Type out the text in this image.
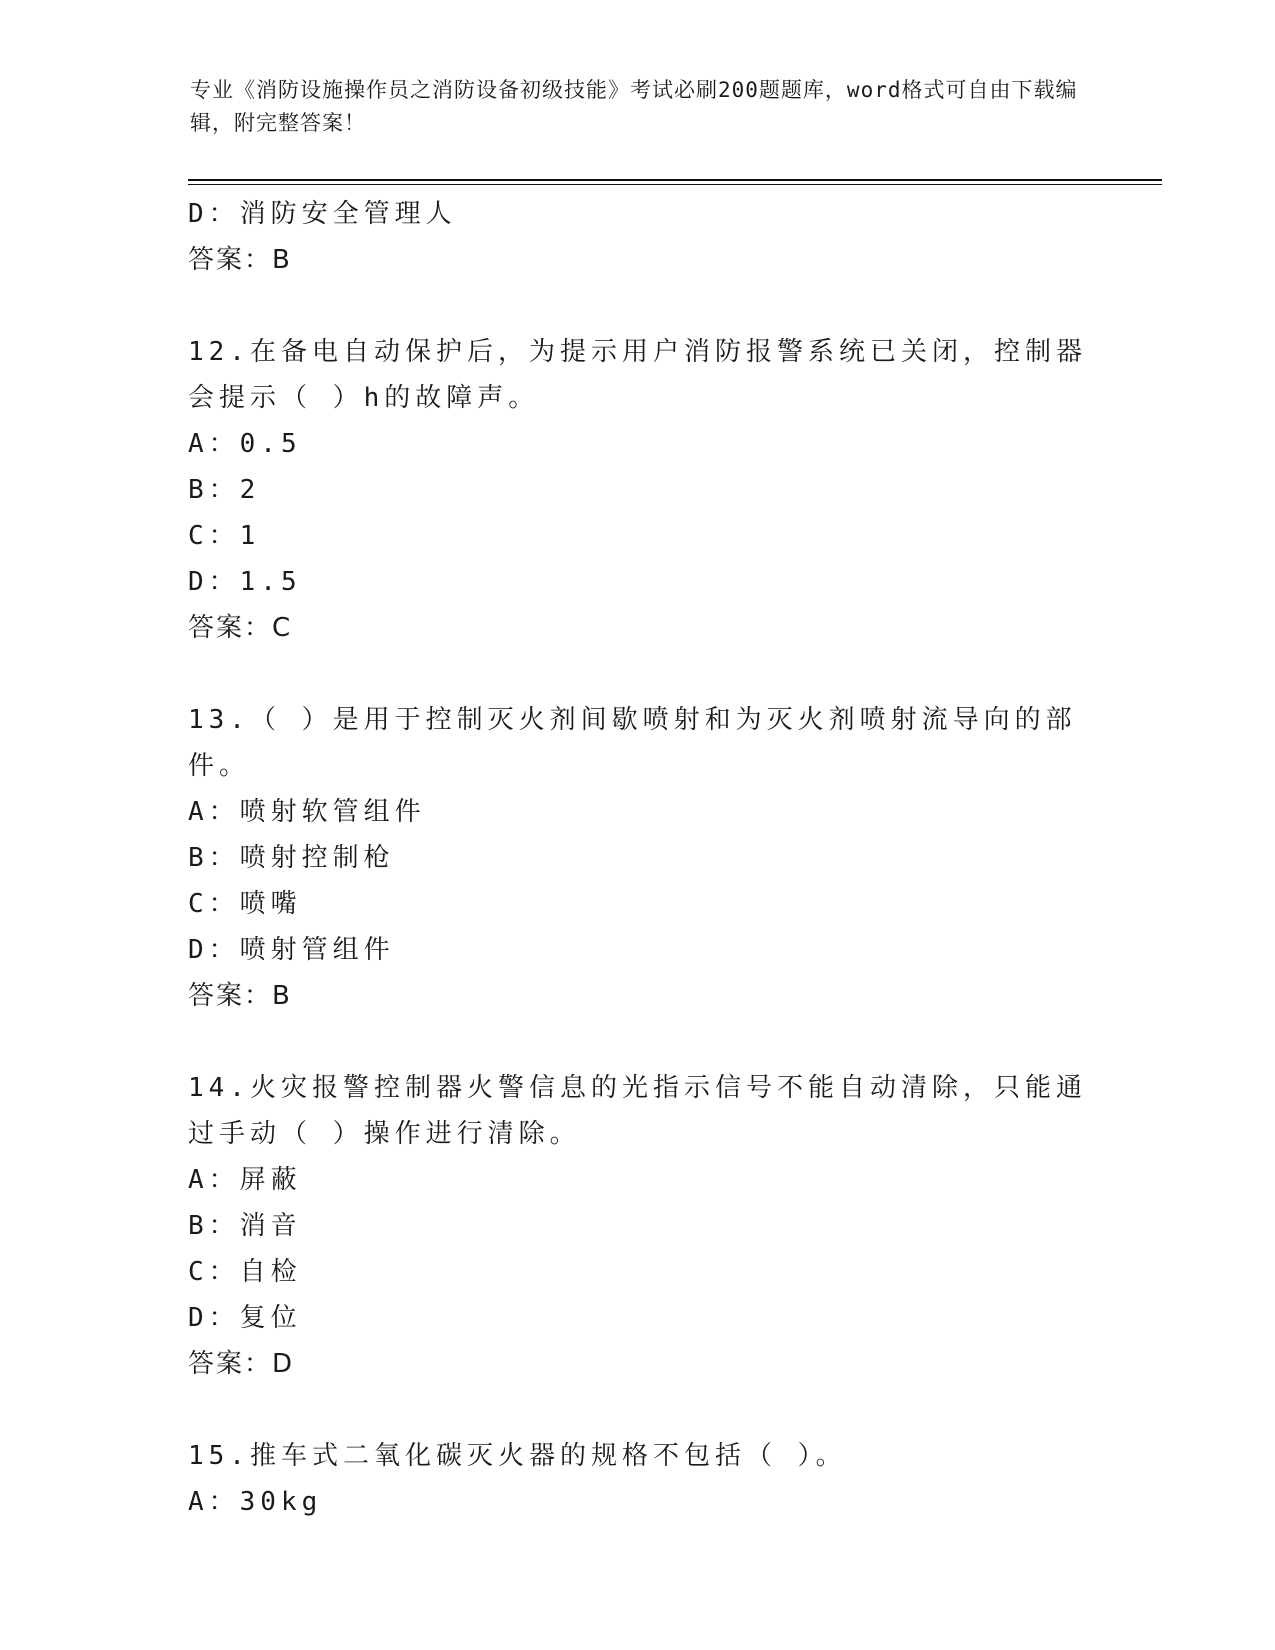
专业《消防设施操作员之消防设备初级技能》考试必刷200题题库，word格式可自由下载编辑，附完整答案！
D：消防安全管理人
答案：B
12.在备电自动保护后，为提示用户消防报警系统已关闭，控制器会提示（ ）h的故障声。
A：0.5
B：2
C：1
D：1.5
答案：C
13.（ ）是用于控制灭火剂间歇喷射和为灭火剂喷射流导向的部件。
A：喷射软管组件
B：喷射控制枪
C：喷嘴
D：喷射管组件
答案：B
14.火灾报警控制器火警信息的光指示信号不能自动清除，只能通过手动（ ）操作进行清除。
A：屏蔽
B：消音
C：自检
D：复位
答案：D
15.推车式二氧化碳灭火器的规格不包括（ ）。
A：30kg
